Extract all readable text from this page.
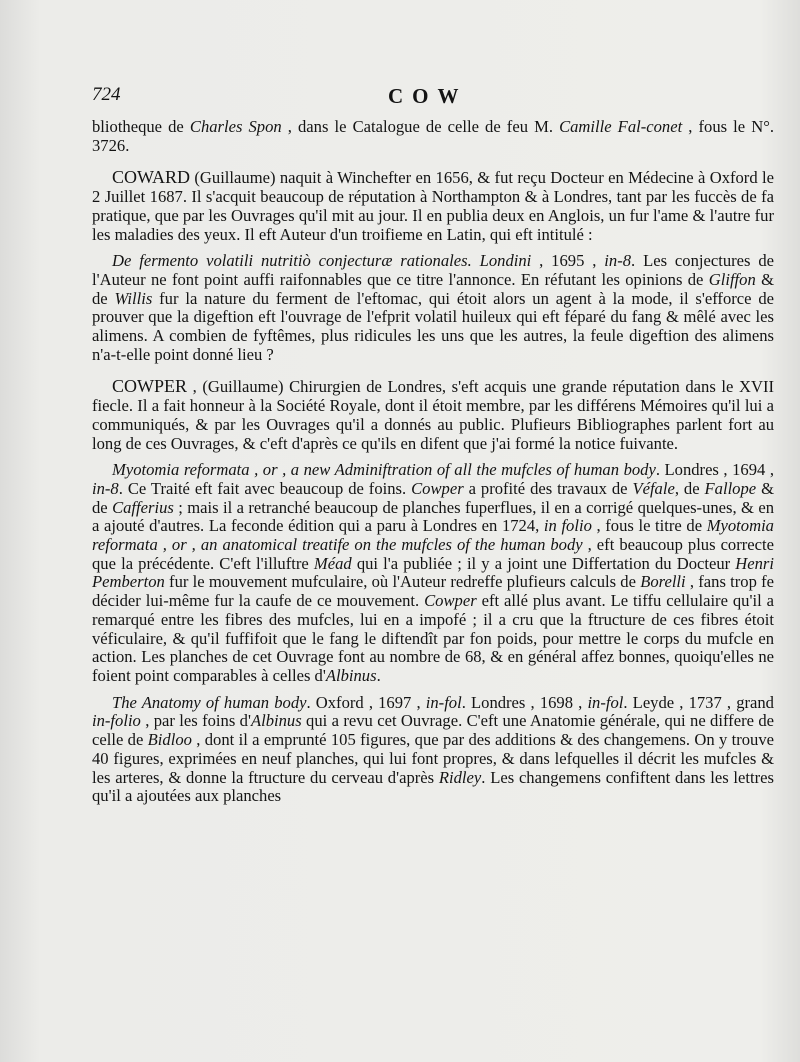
724	COW

bliotheque de Charles Spon , dans le Catalogue de celle de feu M. Camille Fal-conet , fous le N°. 3726.

COWARD (Guillaume) naquit à Winchefter en 1656, & fut reçu Docteur en Médecine à Oxford le 2 Juillet 1687. Il s'acquit beaucoup de réputation à Northampton & à Londres, tant par les fuccès de fa pratique, que par les Ouvrages qu'il mit au jour. Il en publia deux en Anglois, un fur l'ame & l'autre fur les maladies des yeux. Il eft Auteur d'un troifieme en Latin, qui eft intitulé :

De fermento volatili nutritiò conjecturæ rationales. Londini , 1695 , in-8. Les conjectures de l'Auteur ne font point auffi raifonnables que ce titre l'annonce. En réfutant les opinions de Gliffon & de Willis fur la nature du ferment de l'eftomac, qui étoit alors un agent à la mode, il s'efforce de prouver que la digeftion eft l'ouvrage de l'efprit volatil huileux qui eft féparé du fang & mêlé avec les alimens. A combien de fyftêmes, plus ridicules les uns que les autres, la feule digeftion des alimens n'a-t-elle point donné lieu ?

COWPER , (Guillaume) Chirurgien de Londres, s'eft acquis une grande réputation dans le XVII fiecle. Il a fait honneur à la Société Royale, dont il étoit membre, par les différens Mémoires qu'il lui a communiqués, & par les Ouvrages qu'il a donnés au public. Plufieurs Bibliographes parlent fort au long de ces Ouvrages, & c'eft d'après ce qu'ils en difent que j'ai formé la notice fuivante.

Myotomia reformata , or , a new Adminiftration of all the mufcles of human body. Londres , 1694 , in-8. Ce Traité eft fait avec beaucoup de foins. Cowper a profité des travaux de Véfale, de Fallope & de Cafferius ; mais il a retranché beaucoup de planches fuperflues, il en a corrigé quelques-unes, & en a ajouté d'autres. La feconde édition qui a paru à Londres en 1724, in folio , fous le titre de Myotomia reformata , or , an anatomical treatife on the mufcles of the human body , eft beaucoup plus correcte que la précédente. C'eft l'illuftre Méad qui l'a publiée ; il y a joint une Differtation du Docteur Henri Pemberton fur le mouvement mufculaire, où l'Auteur redreffe plufieurs calculs de Borelli , fans trop fe décider lui-même fur la caufe de ce mouvement. Cowper eft allé plus avant. Le tiffu cellulaire qu'il a remarqué entre les fibres des mufcles, lui en a impofé ; il a cru que la ftructure de ces fibres étoit véficulaire, & qu'il fuffifoit que le fang le diftendît par fon poids, pour mettre le corps du mufcle en action. Les planches de cet Ouvrage font au nombre de 68, & en général affez bonnes, quoiqu'elles ne foient point comparables à celles d'Albinus.

The Anatomy of human body. Oxford , 1697 , in-fol. Londres , 1698 , in-fol. Leyde , 1737 , grand in-folio , par les foins d'Albinus qui a revu cet Ouvrage. C'eft une Anatomie générale, qui ne differe de celle de Bidloo , dont il a emprunté 105 figures, que par des additions & des changemens. On y trouve 40 figures, exprimées en neuf planches, qui lui font propres, & dans lefquelles il décrit les mufcles & les arteres, & donne la ftructure du cerveau d'après Ridley. Les changemens confiftent dans les lettres qu'il a ajoutées aux planches
